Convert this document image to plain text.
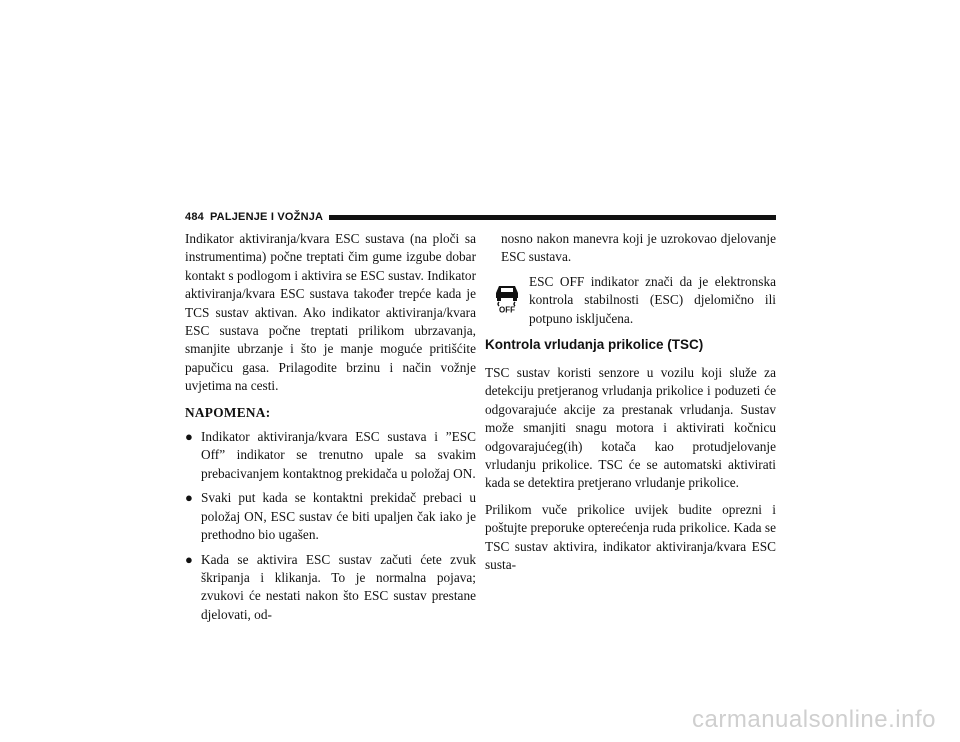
484 PALJENJE I VOŽNJA

Indikator aktiviranja/kvara ESC sustava (na ploči sa instrumentima) počne treptati čim gume izgube dobar kontakt s podlogom i aktivira se ESC sustav. Indikator aktiviranja/kvara ESC sustava također trepće kada je TCS sustav aktivan. Ako indikator aktiviranja/kvara ESC sustava počne treptati prilikom ubrzavanja, smanjite ubrzanje i što je manje moguće pritišćite papučicu gasa. Prilagodite brzinu i način vožnje uvjetima na cesti.

NAPOMENA:
● Indikator aktiviranja/kvara ESC sustava i ”ESC Off” indikator se trenutno upale sa svakim prebacivanjem kontaktnog prekidača u položaj ON.
● Svaki put kada se kontaktni prekidač prebaci u položaj ON, ESC sustav će biti upaljen čak iako je prethodno bio ugašen.
● Kada se aktivira ESC sustav začuti ćete zvuk škripanja i klikanja. To je normalna pojava; zvukovi će nestati nakon što ESC sustav prestane djelovati, od-

nosno nakon manevra koji je uzrokovao djelovanje ESC sustava.

OFF

ESC OFF indikator znači da je elektronska kontrola stabilnosti (ESC) djelomično ili potpuno isključena.

Kontrola vrludanja prikolice (TSC)

TSC sustav koristi senzore u vozilu koji služe za detekciju pretjeranog vrludanja prikolice i poduzeti će odgovarajuće akcije za prestanak vrludanja. Sustav može smanjiti snagu motora i aktivirati kočnicu odgovarajućeg(ih) kotača kao protudjelovanje vrludanju prikolice. TSC će se automatski aktivirati kada se detektira pretjerano vrludanje prikolice.

Prilikom vuče prikolice uvijek budite oprezni i poštujte preporuke opterećenja ruda prikolice. Kada se TSC sustav aktivira, indikator aktiviranja/kvara ESC susta-

carmanualsonline.info
